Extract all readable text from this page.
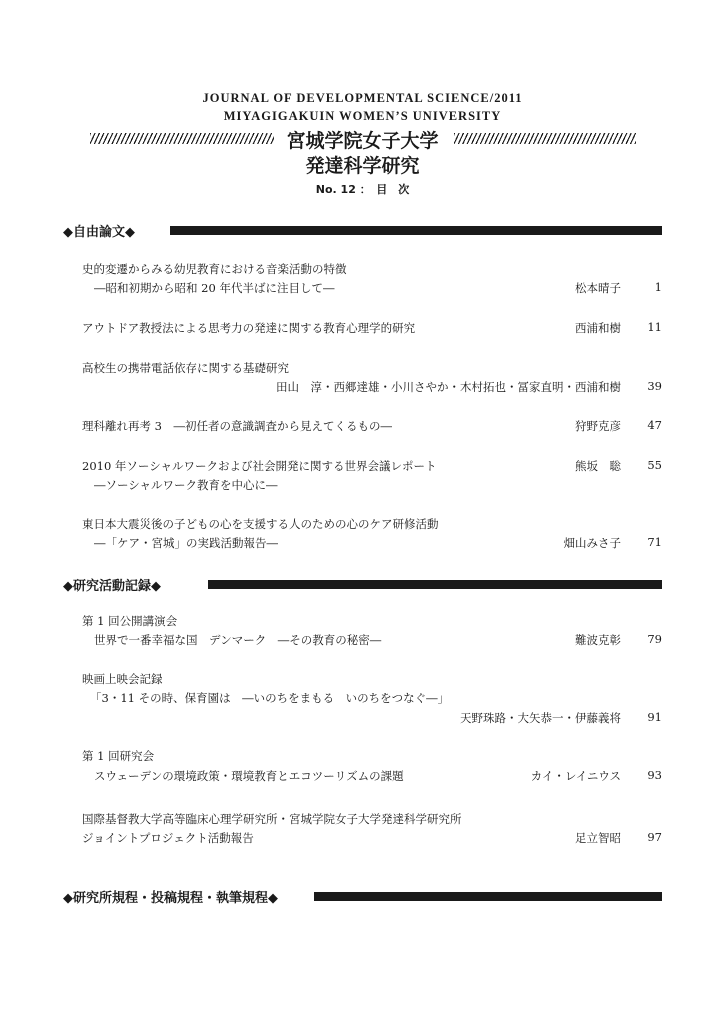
JOURNAL OF DEVELOPMENTAL SCIENCE/2011
MIYAGIGAKUIN WOMEN’S UNIVERSITY
宮城学院女子大学
発達科学研究
No. 12 ：　目　次
◆自由論文◆
史的変遷からみる幼児教育における音楽活動の特徴
―昭和初期から昭和 20 年代半ばに注目して―	松本晴子	1
アウトドア教授法による思考力の発達に関する教育心理学的研究	西浦和樹	11
高校生の携帯電話依存に関する基礎研究
田山　淳・西郷達雄・小川さやか・木村拓也・冨家直明・西浦和樹	39
理科離れ再考 3　―初任者の意識調査から見えてくるもの―	狩野克彦	47
2010 年ソーシャルワークおよび社会開発に関する世界会議レポート
―ソーシャルワーク教育を中心に―
熊坂　聡	55
東日本大震災後の子どもの心を支援する人のための心のケア研修活動
―「ケア・宮城」の実践活動報告―	畑山みさ子	71
◆研究活動記録◆
第 1 回公開講演会
世界で一番幸福な国　デンマーク　―その教育の秘密―	難波克彰	79
映画上映会記録
「3・11 その時、保育園は　―いのちをまもる　いのちをつなぐ―」
天野珠路・大矢恭一・伊藤義将	91
第 1 回研究会
スウェーデンの環境政策・環境教育とエコツーリズムの課題	カイ・レイニウス	93
国際基督教大学高等臨床心理学研究所・宮城学院女子大学発達科学研究所
ジョイントプロジェクト活動報告	足立智昭	97
◆研究所規程・投稿規程・執筆規程◆
